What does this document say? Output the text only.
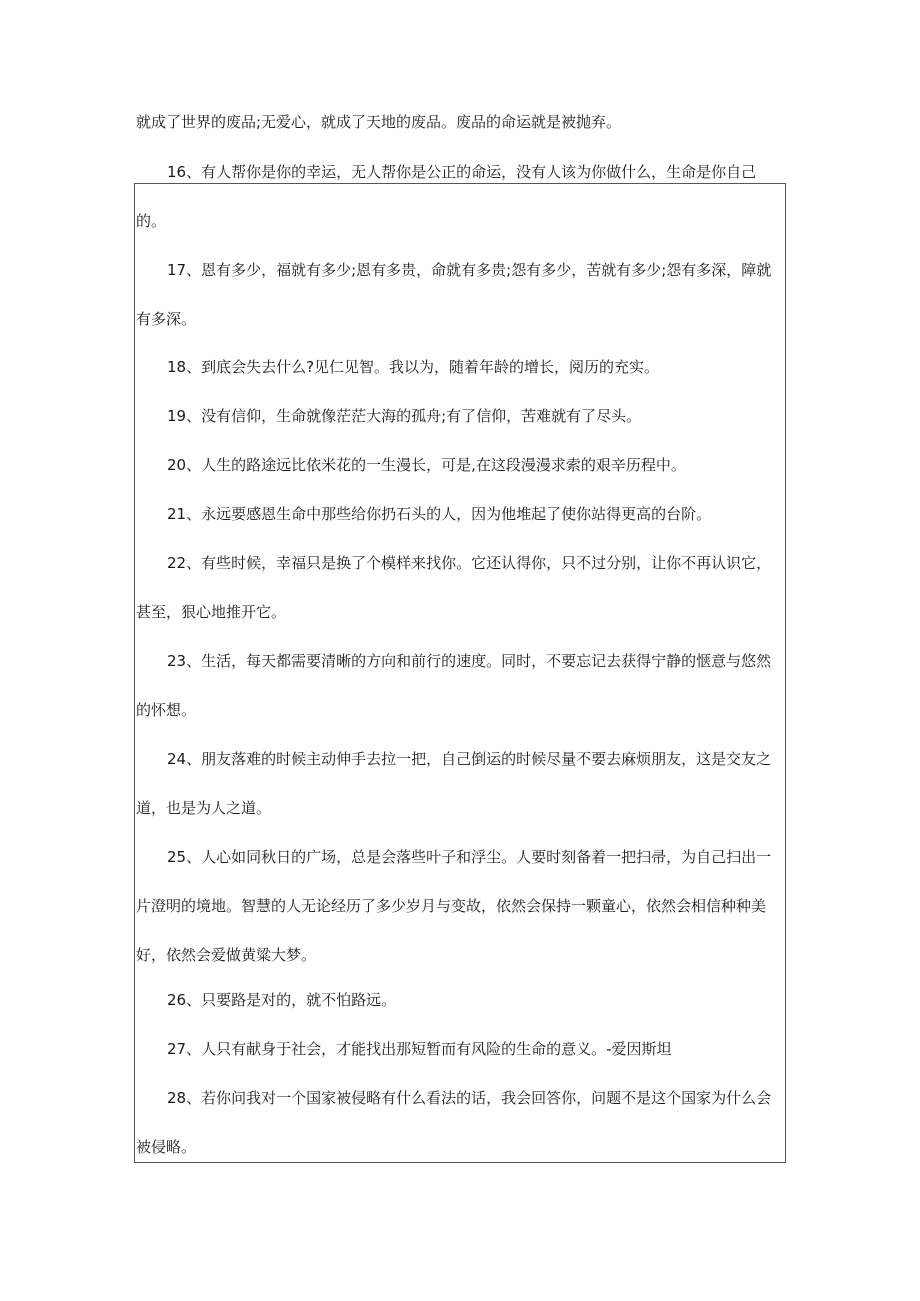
就成了世界的废品;无爱心，就成了天地的废品。废品的命运就是被抛弃。

16、有人帮你是你的幸运，无人帮你是公正的命运，没有人该为你做什么，生命是你自己
的。

17、恩有多少，福就有多少;恩有多贵，命就有多贵;怨有多少，苦就有多少;怨有多深，障就
有多深。

18、到底会失去什么?见仁见智。我以为，随着年龄的增长，阅历的充实。

19、没有信仰，生命就像茫茫大海的孤舟;有了信仰，苦难就有了尽头。

20、人生的路途远比依米花的一生漫长，可是,在这段漫漫求索的艰辛历程中。

21、永远要感恩生命中那些给你扔石头的人，因为他堆起了使你站得更高的台阶。

22、有些时候，幸福只是换了个模样来找你。它还认得你，只不过分别，让你不再认识它，
甚至，狠心地推开它。

23、生活，每天都需要清晰的方向和前行的速度。同时，不要忘记去获得宁静的惬意与悠然
的怀想。

24、朋友落难的时候主动伸手去拉一把，自己倒运的时候尽量不要去麻烦朋友，这是交友之
道，也是为人之道。

25、人心如同秋日的广场，总是会落些叶子和浮尘。人要时刻备着一把扫帚，为自己扫出一
片澄明的境地。智慧的人无论经历了多少岁月与变故，依然会保持一颗童心，依然会相信种种美
好，依然会爱做黄粱大梦。

26、只要路是对的，就不怕路远。

27、人只有献身于社会，才能找出那短暂而有风险的生命的意义。-爱因斯坦

28、若你问我对一个国家被侵略有什么看法的话，我会回答你，问题不是这个国家为什么会
被侵略。
